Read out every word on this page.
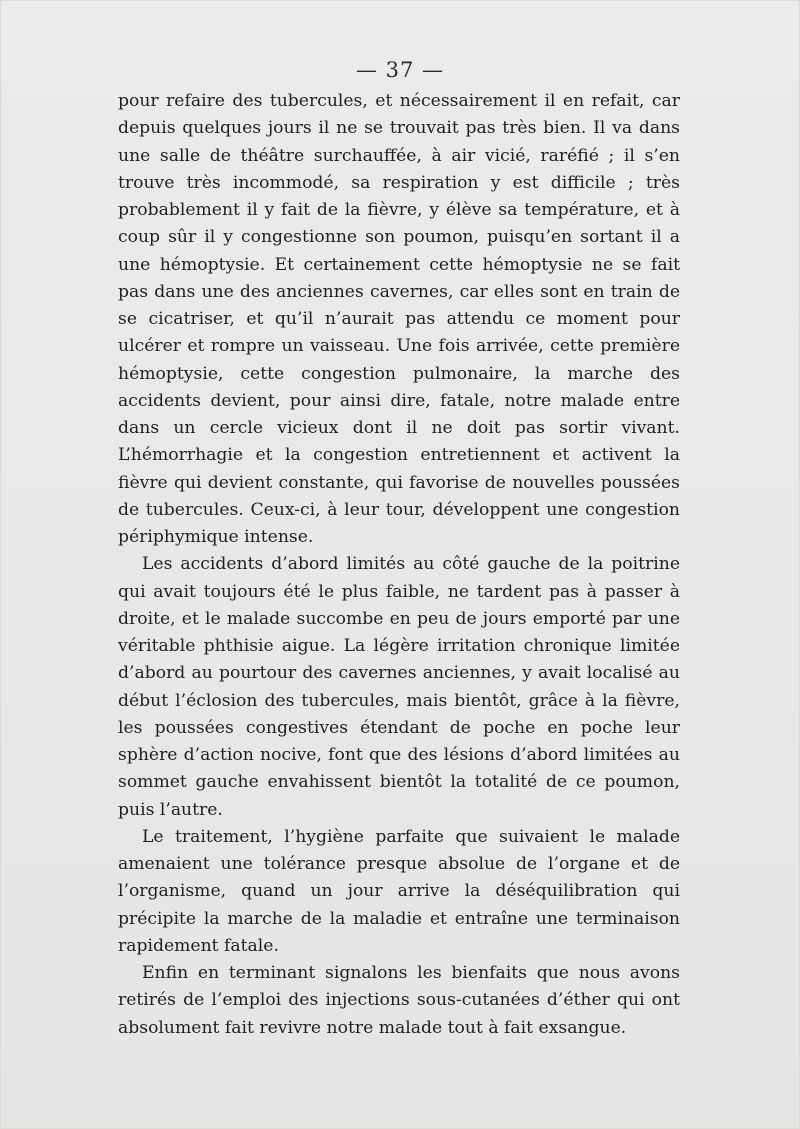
— 37 —

pour refaire des tubercules, et nécessairement il en refait, car depuis quelques jours il ne se trouvait pas très bien. Il va dans une salle de théâtre surchauffée, à air vicié, raréfié ; il s’en trouve très incommodé, sa respiration y est difficile ; très probablement il y fait de la fièvre, y élève sa température, et à coup sûr il y congestionne son poumon, puisqu’en sortant il a une hémoptysie. Et certainement cette hémoptysie ne se fait pas dans une des anciennes cavernes, car elles sont en train de se cicatriser, et qu’il n’aurait pas attendu ce moment pour ulcérer et rompre un vaisseau. Une fois arrivée, cette première hémoptysie, cette congestion pulmonaire, la marche des accidents devient, pour ainsi dire, fatale, notre malade entre dans un cercle vicieux dont il ne doit pas sortir vivant. L’hémorrhagie et la congestion entretiennent et activent la fièvre qui devient constante, qui favorise de nouvelles poussées de tubercules. Ceux-ci, à leur tour, développent une congestion périphymique intense.

Les accidents d’abord limités au côté gauche de la poitrine qui avait toujours été le plus faible, ne tardent pas à passer à droite, et le malade succombe en peu de jours emporté par une véritable phthisie aigue. La légère irritation chronique limitée d’abord au pourtour des cavernes anciennes, y avait localisé au début l’éclosion des tubercules, mais bientôt, grâce à la fièvre, les poussées congestives étendant de poche en poche leur sphère d’action nocive, font que des lésions d’abord limitées au sommet gauche envahissent bientôt la totalité de ce poumon, puis l’autre.

Le traitement, l’hygiène parfaite que suivaient le malade amenaient une tolérance presque absolue de l’organe et de l’organisme, quand un jour arrive la déséquilibration qui précipite la marche de la maladie et entraîne une terminaison rapidement fatale.

Enfin en terminant signalons les bienfaits que nous avons retirés de l’emploi des injections sous-cutanées d’éther qui ont absolument fait revivre notre malade tout à fait exsangue.
